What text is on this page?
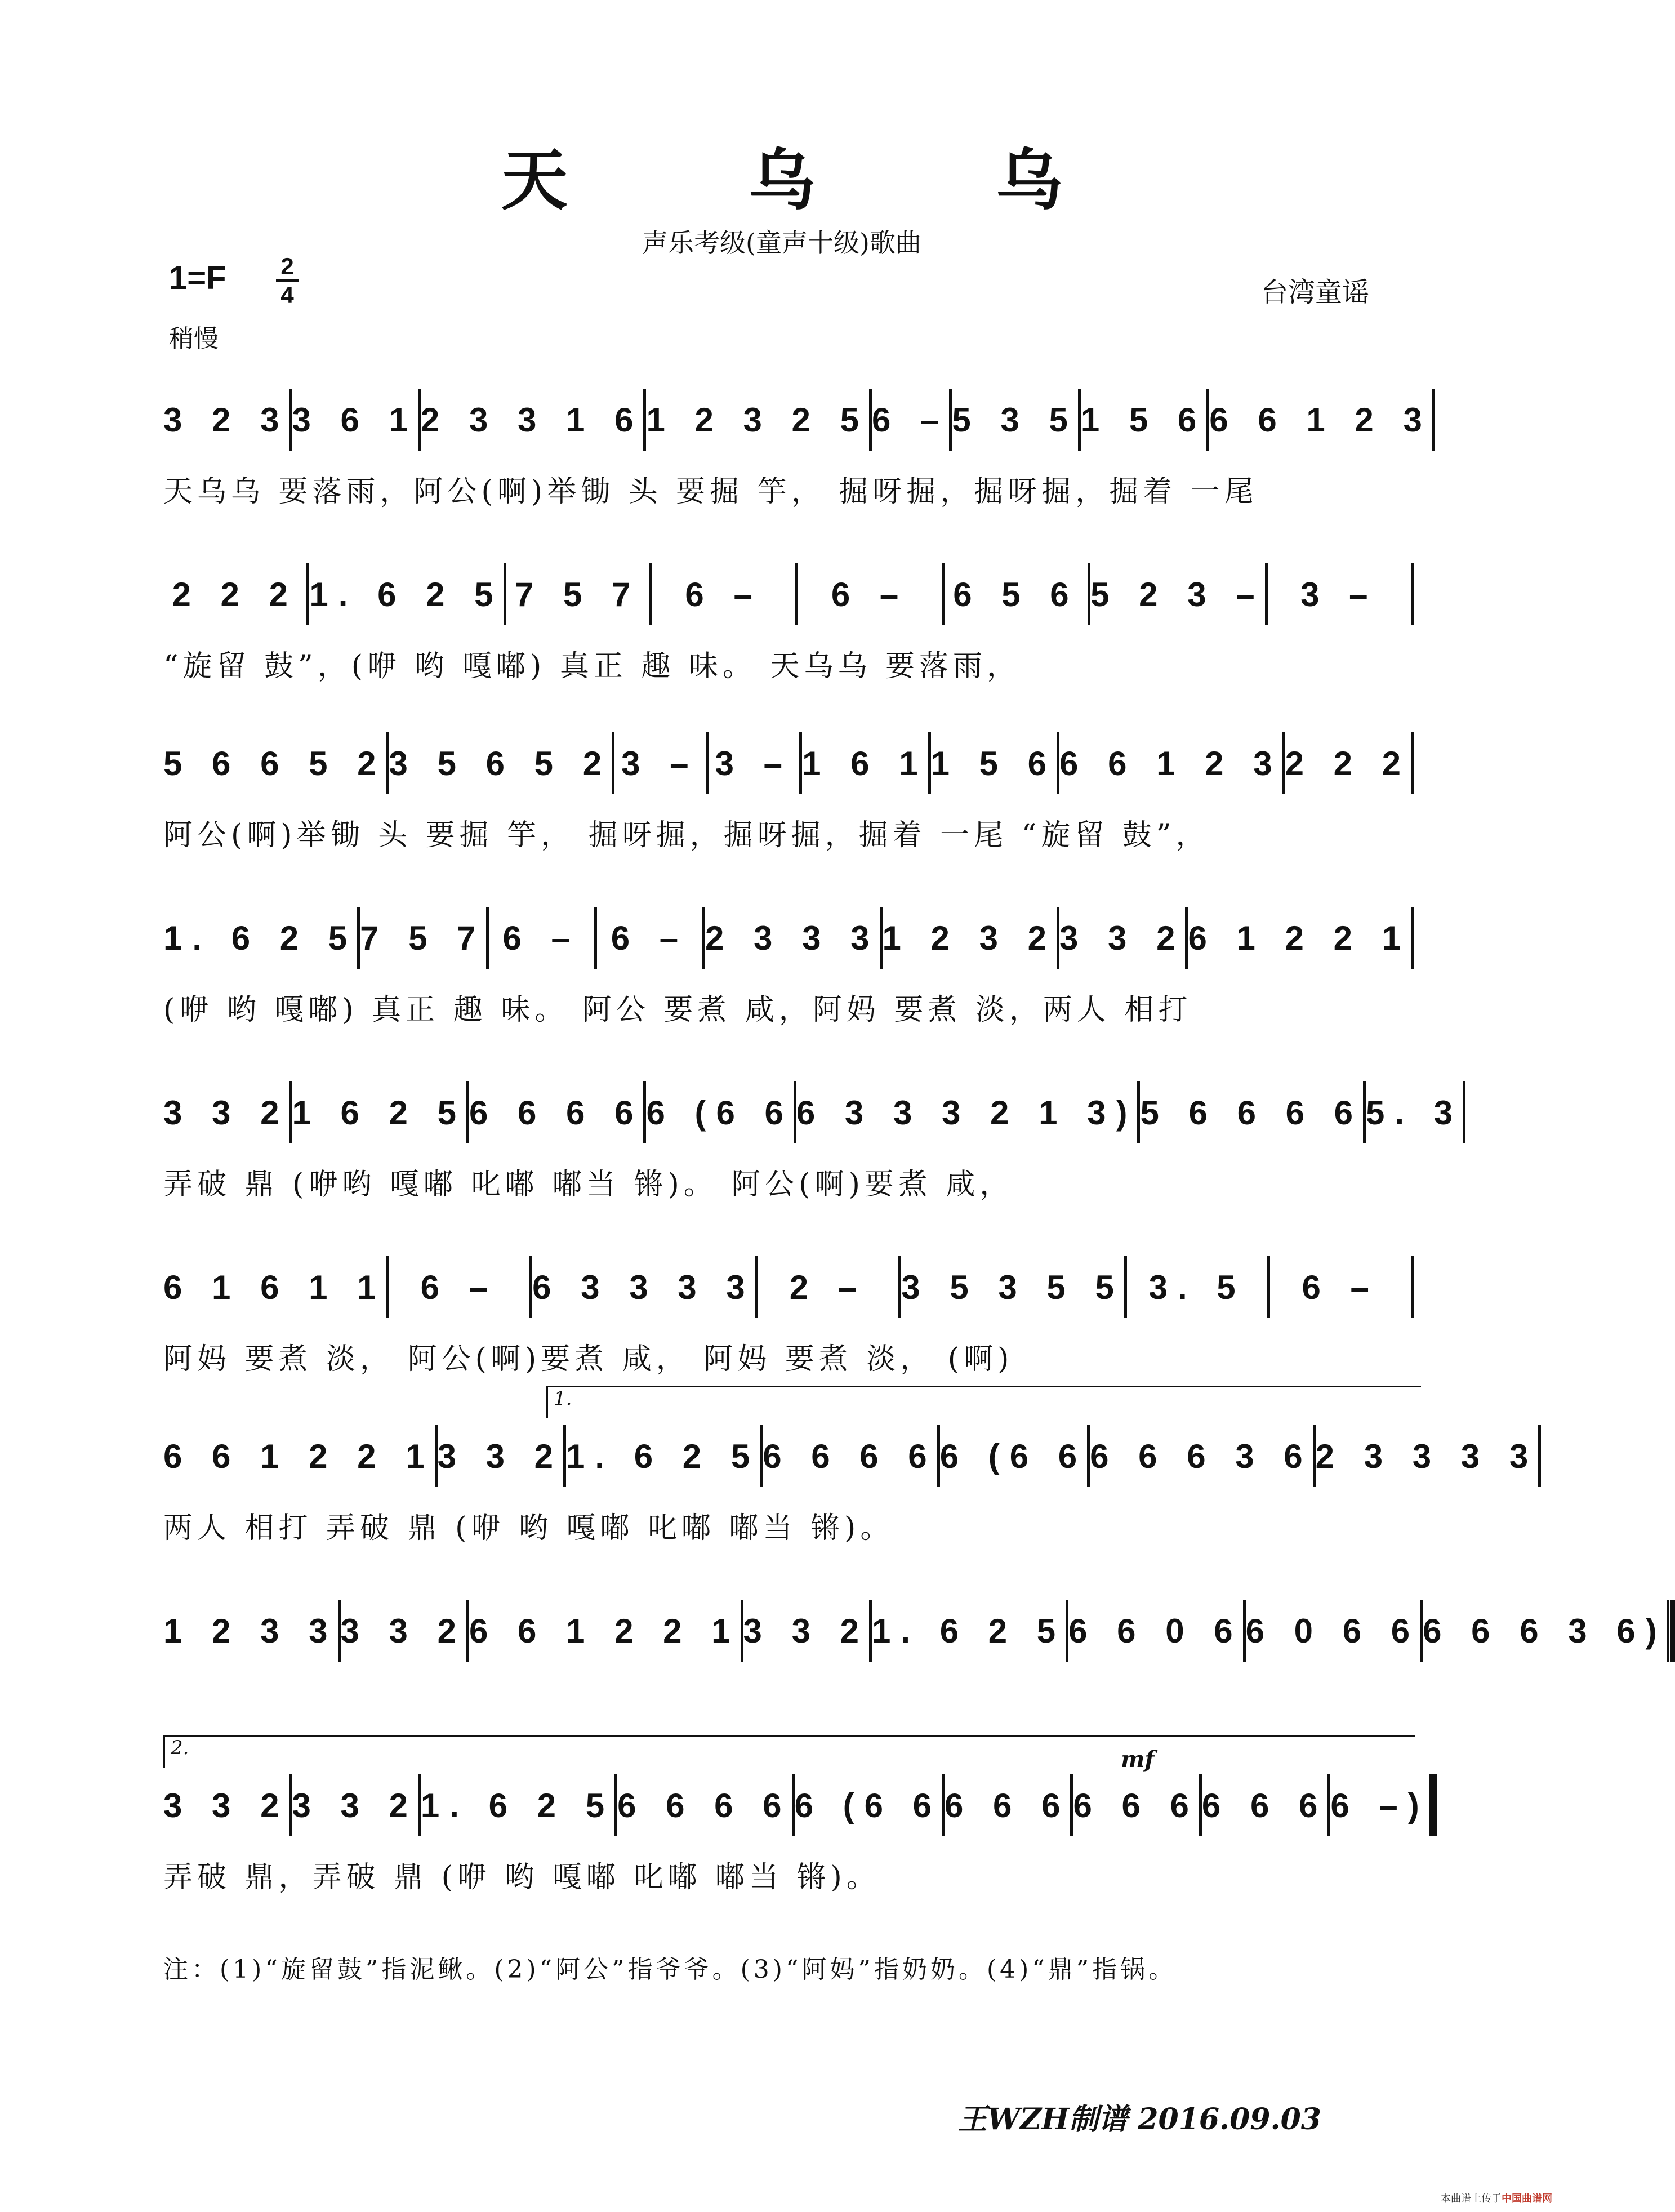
天 乌 乌
声乐考级(童声十级)歌曲
1=F 2
4
稍慢
台湾童谣
3 2 3 3 6 1 2 3 3 1 6 1 2 3 2 5 6 – 5 3 5 1 5 6 6 6 1 2 3
天乌乌 要落雨，阿公(啊)举锄 头 要掘 竽， 掘呀掘，掘呀掘，掘着 一尾
2 2 2 1. 6 2 5 7 5 7	6 –	6 –	6 5 6 5 2 3 –	3 –
“旋留 鼓”，(咿 哟 嘎嘟) 真正 趣 味。 天乌乌 要落雨，
5 6 6 5 2 3 5 6 5 2 3 – 3 – 1 6 1 1 5 6 6 6 1 2 3 2 2 2
阿公(啊)举锄 头 要掘 竽， 掘呀掘，掘呀掘，掘着 一尾 “旋留 鼓”，
1. 6 2 5 7 5 7 6 – 6 – 2 3 3 3 1 2 3 2 3 3 2 6 1 2 2 1
(咿 哟 嘎嘟) 真正 趣 味。 阿公 要煮 咸，阿妈 要煮 淡，两人 相打
3 3 2 1 6 2 5 6 6 6 6 6 (6 6 6 3 3 3 2 1 3) 5 6 6 6 6 5. 3
弄破 鼎 (咿哟 嘎嘟 叱嘟 嘟当 锵)。 阿公(啊)要煮 咸，
6 1 6 1 1	6 –	6 3 3 3 3	2 –	3 5 3 5 5 3. 5	6 –
阿妈 要煮 淡， 阿公(啊)要煮 咸， 阿妈 要煮 淡， (啊)
1.
6 6 1 2 2 1 3 3 2 1. 6 2 5 6 6 6 6 6 (6 6 6 6 6 3 6 2 3 3 3 3
两人 相打 弄破 鼎 (咿 哟 嘎嘟 叱嘟 嘟当 锵)。
1 2 3 3 3 3 2 6 6 1 2 2 1 3 3 2 1. 6 2 5 6 6 0 6 6 0 6 6 6 6 6 3 6)
2.	mf
3 3 2 3 3 2 1. 6 2 5 6 6 6 6 6 (6 6 6 6 6 6 6 6 6 6 6 6 –)
弄破 鼎，弄破 鼎 (咿 哟 嘎嘟 叱嘟 嘟当 锵)。
注：(1)“旋留鼓”指泥鳅。(2)“阿公”指爷爷。(3)“阿妈”指奶奶。(4)“鼎”指锅。
王WZH制谱 2016.09.03
本曲谱上传于中国曲谱网
